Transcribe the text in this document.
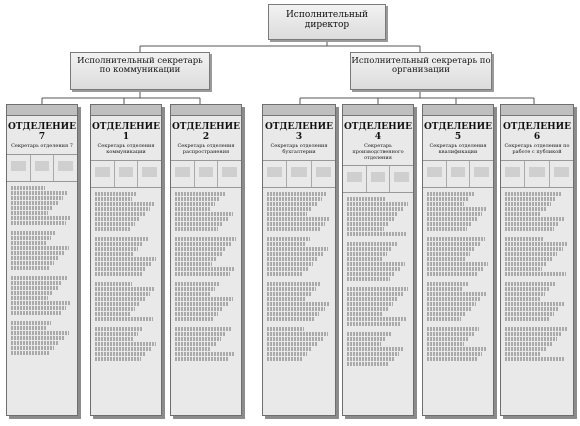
Исполнительный директор
Исполнительный секретарь по коммуникации
Исполнительный секретарь по организации
ОТДЕЛЕНИЕ 7
Секретарь отделения 7
ОТДЕЛЕНИЕ 1
Секретарь отделения коммуникации
ОТДЕЛЕНИЕ 2
Секретарь отделения распространения
ОТДЕЛЕНИЕ 3
Секретарь отделения бухгалтерии
ОТДЕЛЕНИЕ 4
Секретарь производственного отделения
ОТДЕЛЕНИЕ 5
Секретарь отделения квалификации
ОТДЕЛЕНИЕ 6
Секретарь отделения по работе с публикой
